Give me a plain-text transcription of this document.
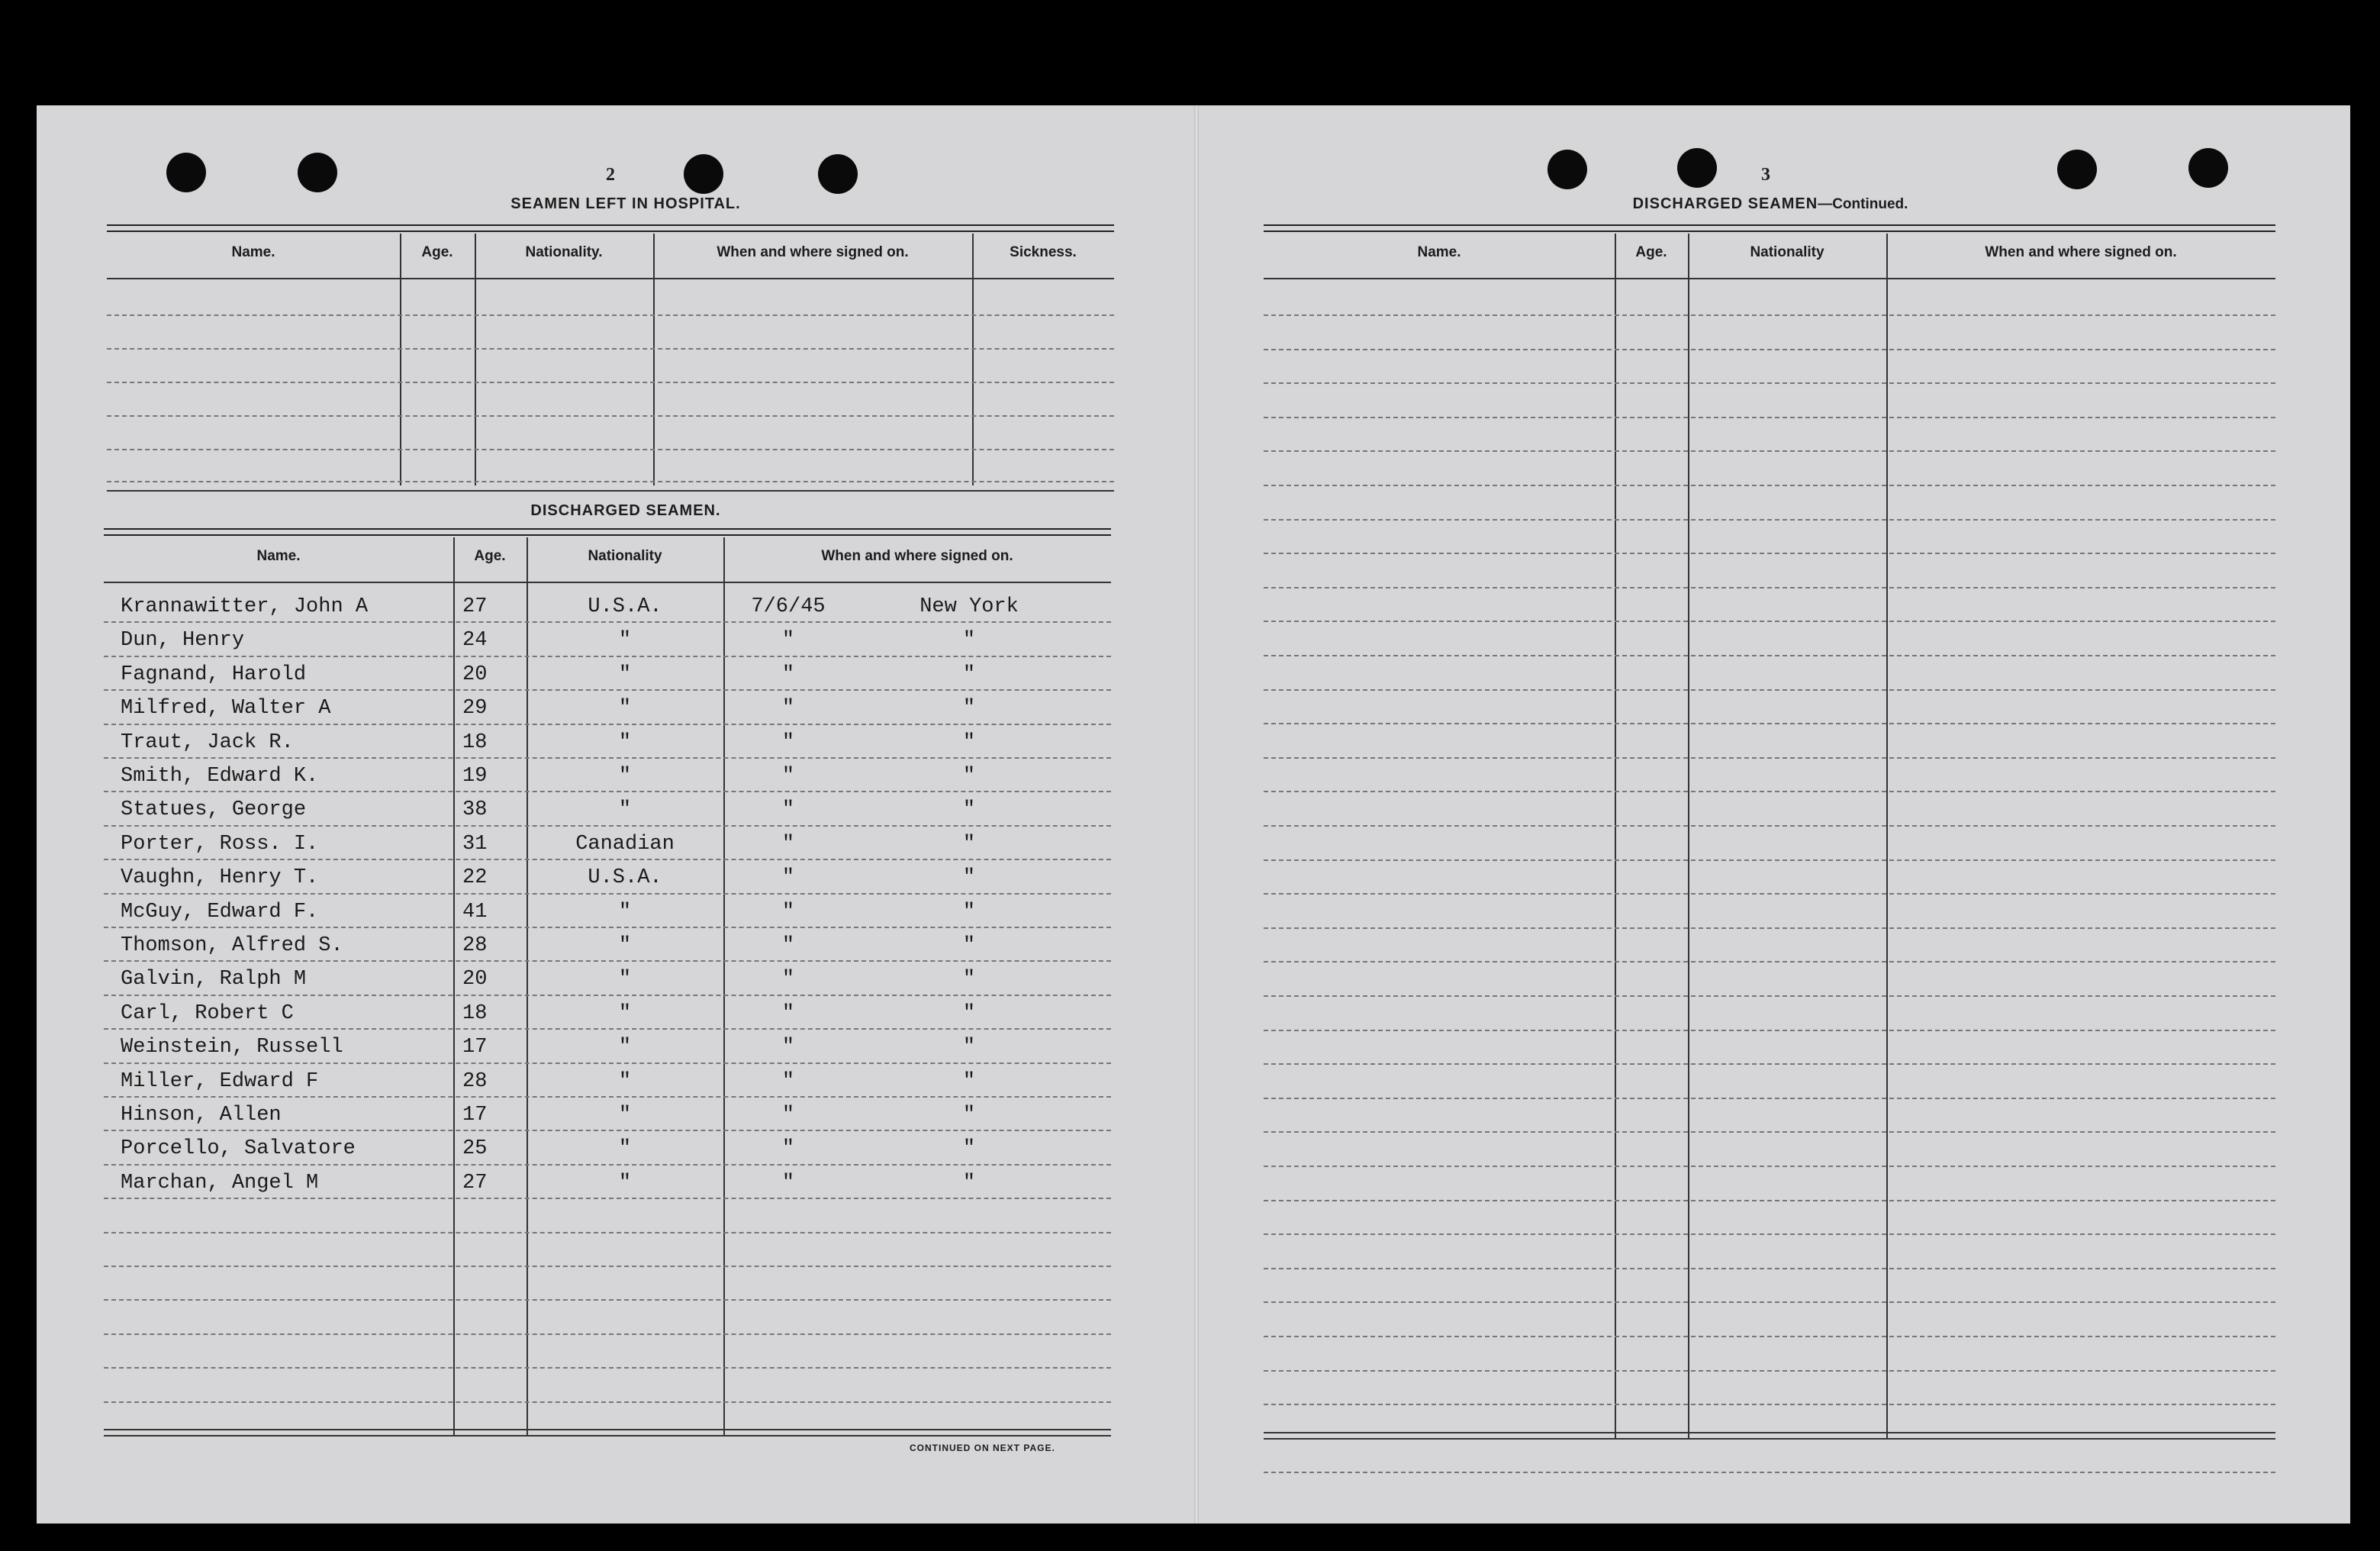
2
SEAMEN LEFT IN HOSPITAL.
Name.	Age.	Nationality.	When and where signed on.	Sickness.
DISCHARGED SEAMEN.
Name.	Age.	Nationality	When and where signed on.
Krannawitter, John A	27	U.S.A.	7/6/45	New York
Dun, Henry	24	"	"	"
Fagnand, Harold	20	"	"	"
Milfred, Walter A	29	"	"	"
Traut, Jack R.	18	"	"	"
Smith, Edward K.	19	"	"	"
Statues, George	38	"	"	"
Porter, Ross. I.	31	Canadian	"	"
Vaughn, Henry T.	22	U.S.A.	"	"
McGuy, Edward F.	41	"	"	"
Thomson, Alfred S.	28	"	"	"
Galvin, Ralph M	20	"	"	"
Carl, Robert C	18	"	"	"
Weinstein, Russell	17	"	"	"
Miller, Edward F	28	"	"	"
Hinson, Allen	17	"	"	"
Porcello, Salvatore	25	"	"	"
Marchan, Angel M	27	"	"	"
CONTINUED ON NEXT PAGE.
3
DISCHARGED SEAMEN—Continued.
Name.	Age.	Nationality	When and where signed on.
